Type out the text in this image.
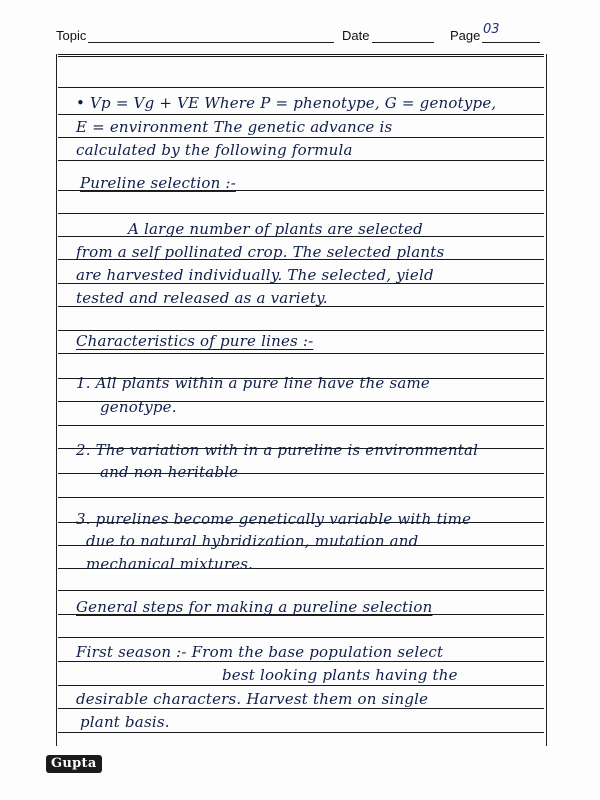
Topic	Date	Page 03
• Vp = Vg + VE Where P = phenotype, G = genotype,
E = environment The genetic advance is
calculated by the following formula
Pureline selection :-
A large number of plants are selected
from a self pollinated crop. The selected plants
are harvested individually. The selected, yield
tested and released as a variety.
Characteristics of pure lines :-
1. All plants within a pure line have the same
genotype.
2. The variation with in a pureline is environmental
and non heritable
3. purelines become genetically variable with time
due to natural hybridization, mutation and
mechanical mixtures.
General steps for making a pureline selection
First season :- From the base population select
best looking plants having the
desirable characters. Harvest them on single
plant basis.
Gupta
